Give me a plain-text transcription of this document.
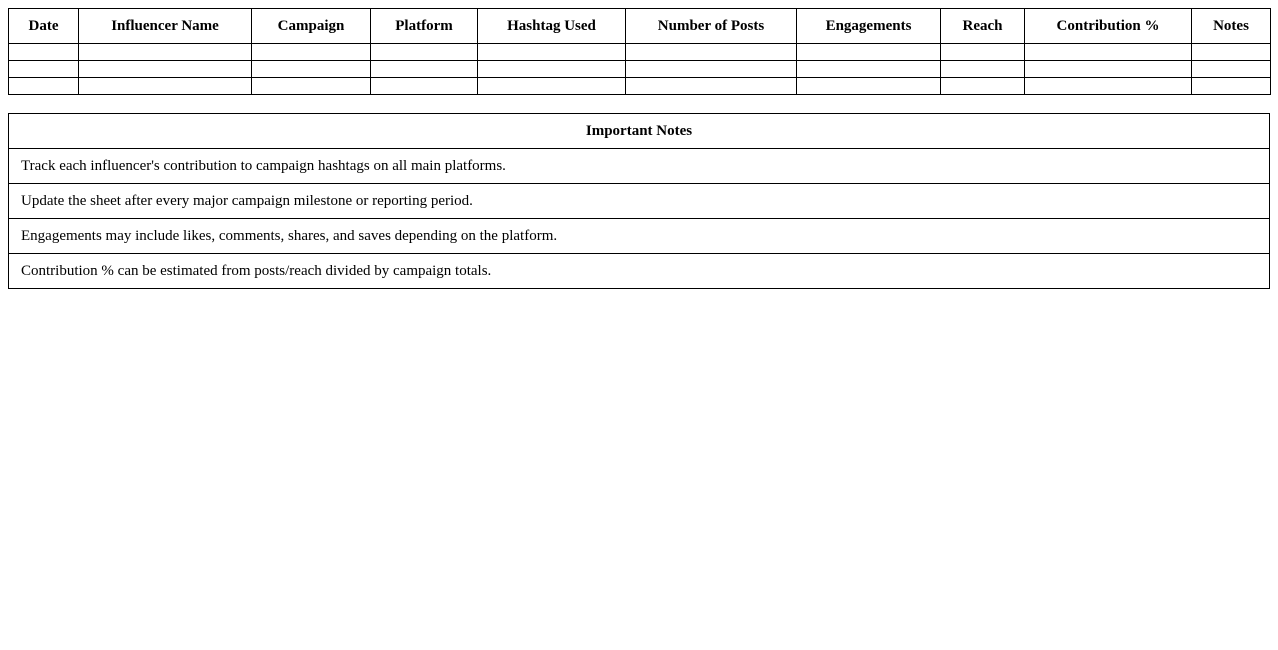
Date	Influencer Name	Campaign	Platform	Hashtag Used	Number of Posts	Engagements	Reach	Contribution %	Notes

Important Notes
Track each influencer's contribution to campaign hashtags on all main platforms.
Update the sheet after every major campaign milestone or reporting period.
Engagements may include likes, comments, shares, and saves depending on the platform.
Contribution % can be estimated from posts/reach divided by campaign totals.
